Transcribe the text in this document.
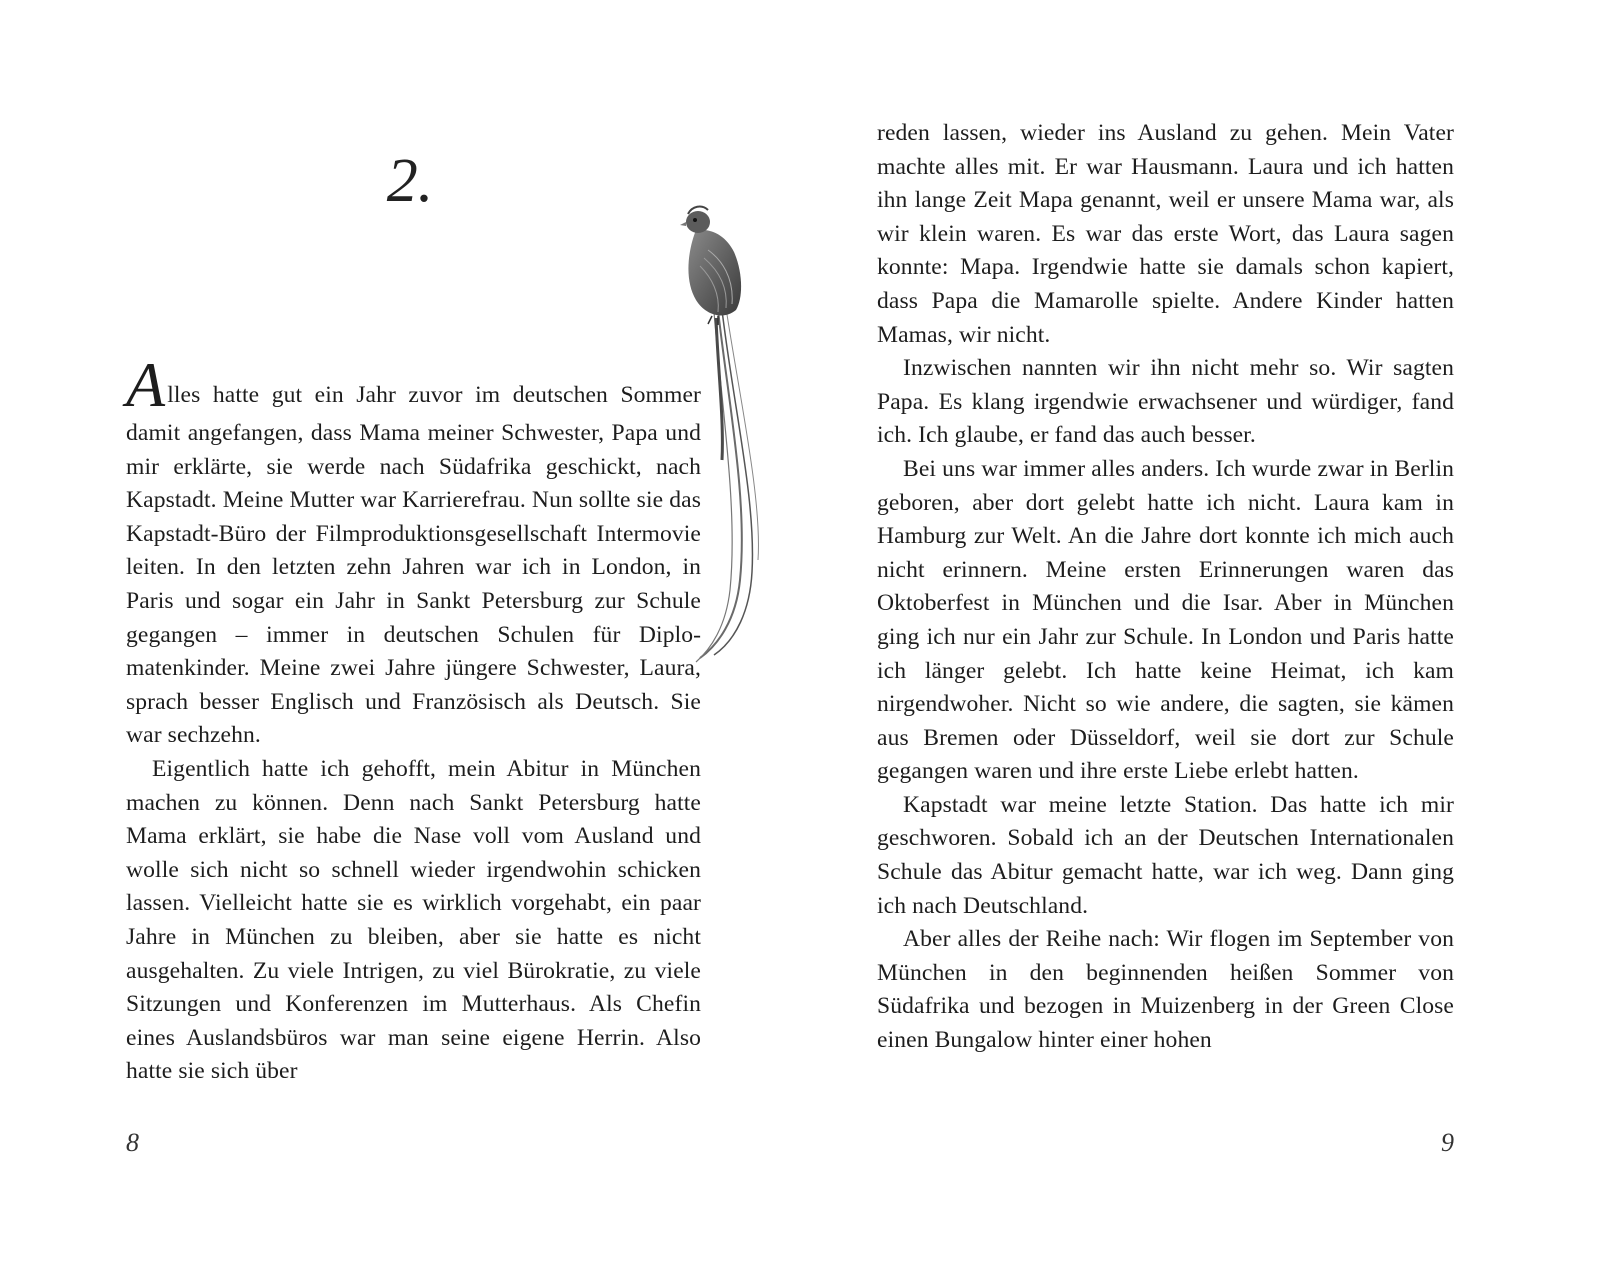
2.

Alles hatte gut ein Jahr zuvor im deutschen Sommer damit angefangen, dass Mama meiner Schwester, Papa und mir erklärte, sie werde nach Südafrika geschickt, nach Kapstadt. Meine Mutter war Karrierefrau. Nun sollte sie das Kapstadt-Büro der Filmproduktionsgesellschaft Intermovie leiten. In den letzten zehn Jahren war ich in London, in Paris und sogar ein Jahr in Sankt Petersburg zur Schule gegangen – immer in deutschen Schulen für Diplomatenkinder. Meine zwei Jahre jüngere Schwester, Laura, sprach besser Englisch und Französisch als Deutsch. Sie war sechzehn.

Eigentlich hatte ich gehofft, mein Abitur in München machen zu können. Denn nach Sankt Petersburg hatte Mama erklärt, sie habe die Nase voll vom Ausland und wolle sich nicht so schnell wieder irgendwohin schicken lassen. Vielleicht hatte sie es wirklich vorgehabt, ein paar Jahre in München zu bleiben, aber sie hatte es nicht ausgehalten. Zu viele Intrigen, zu viel Bürokratie, zu viele Sitzungen und Konferenzen im Mutterhaus. Als Chefin eines Auslandsbüros war man seine eigene Herrin. Also hatte sie sich über

8

reden lassen, wieder ins Ausland zu gehen. Mein Vater machte alles mit. Er war Hausmann. Laura und ich hatten ihn lange Zeit Mapa genannt, weil er unsere Mama war, als wir klein waren. Es war das erste Wort, das Laura sagen konnte: Mapa. Irgendwie hatte sie damals schon kapiert, dass Papa die Mamarolle spielte. Andere Kinder hatten Mamas, wir nicht.

Inzwischen nannten wir ihn nicht mehr so. Wir sagten Papa. Es klang irgendwie erwachsener und würdiger, fand ich. Ich glaube, er fand das auch besser.

Bei uns war immer alles anders. Ich wurde zwar in Berlin geboren, aber dort gelebt hatte ich nicht. Laura kam in Hamburg zur Welt. An die Jahre dort konnte ich mich auch nicht erinnern. Meine ersten Erinnerungen waren das Oktoberfest in München und die Isar. Aber in München ging ich nur ein Jahr zur Schule. In London und Paris hatte ich länger gelebt. Ich hatte keine Heimat, ich kam nirgendwoher. Nicht so wie andere, die sagten, sie kämen aus Bremen oder Düsseldorf, weil sie dort zur Schule gegangen waren und ihre erste Liebe erlebt hatten.

Kapstadt war meine letzte Station. Das hatte ich mir geschworen. Sobald ich an der Deutschen Internationalen Schule das Abitur gemacht hatte, war ich weg. Dann ging ich nach Deutschland.

Aber alles der Reihe nach: Wir flogen im September von München in den beginnenden heißen Sommer von Südafrika und bezogen in Muizenberg in der Green Close einen Bungalow hinter einer hohen

9
